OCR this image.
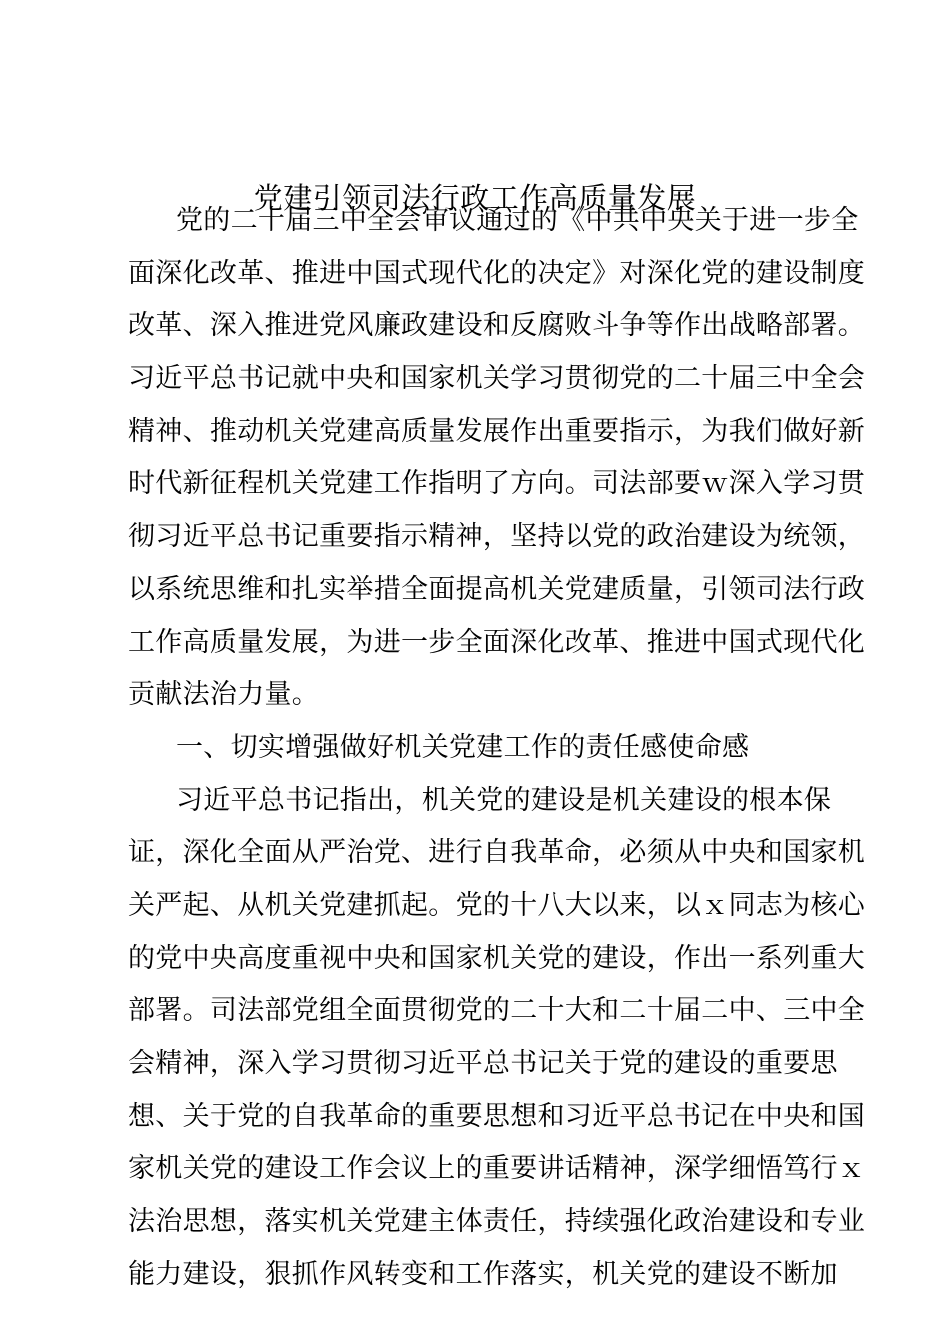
党建引领司法行政工作高质量发展
党的二十届三中全会审议通过的《中共中央关于进一步全
面深化改革、推进中国式现代化的决定》对深化党的建设制度
改革、深入推进党风廉政建设和反腐败斗争等作出战略部署。
习近平总书记就中央和国家机关学习贯彻党的二十届三中全会
精神、推动机关党建高质量发展作出重要指示，为我们做好新
时代新征程机关党建工作指明了方向。司法部要ｗ深入学习贯
彻习近平总书记重要指示精神，坚持以党的政治建设为统领，
以系统思维和扎实举措全面提高机关党建质量，引领司法行政
工作高质量发展，为进一步全面深化改革、推进中国式现代化
贡献法治力量。
一、切实增强做好机关党建工作的责任感使命感
习近平总书记指出，机关党的建设是机关建设的根本保
证，深化全面从严治党、进行自我革命，必须从中央和国家机
关严起、从机关党建抓起。党的十八大以来，以ｘ同志为核心
的党中央高度重视中央和国家机关党的建设，作出一系列重大
部署。司法部党组全面贯彻党的二十大和二十届二中、三中全
会精神，深入学习贯彻习近平总书记关于党的建设的重要思
想、关于党的自我革命的重要思想和习近平总书记在中央和国
家机关党的建设工作会议上的重要讲话精神，深学细悟笃行ｘ
法治思想，落实机关党建主体责任，持续强化政治建设和专业
能力建设，狠抓作风转变和工作落实，机关党的建设不断加
